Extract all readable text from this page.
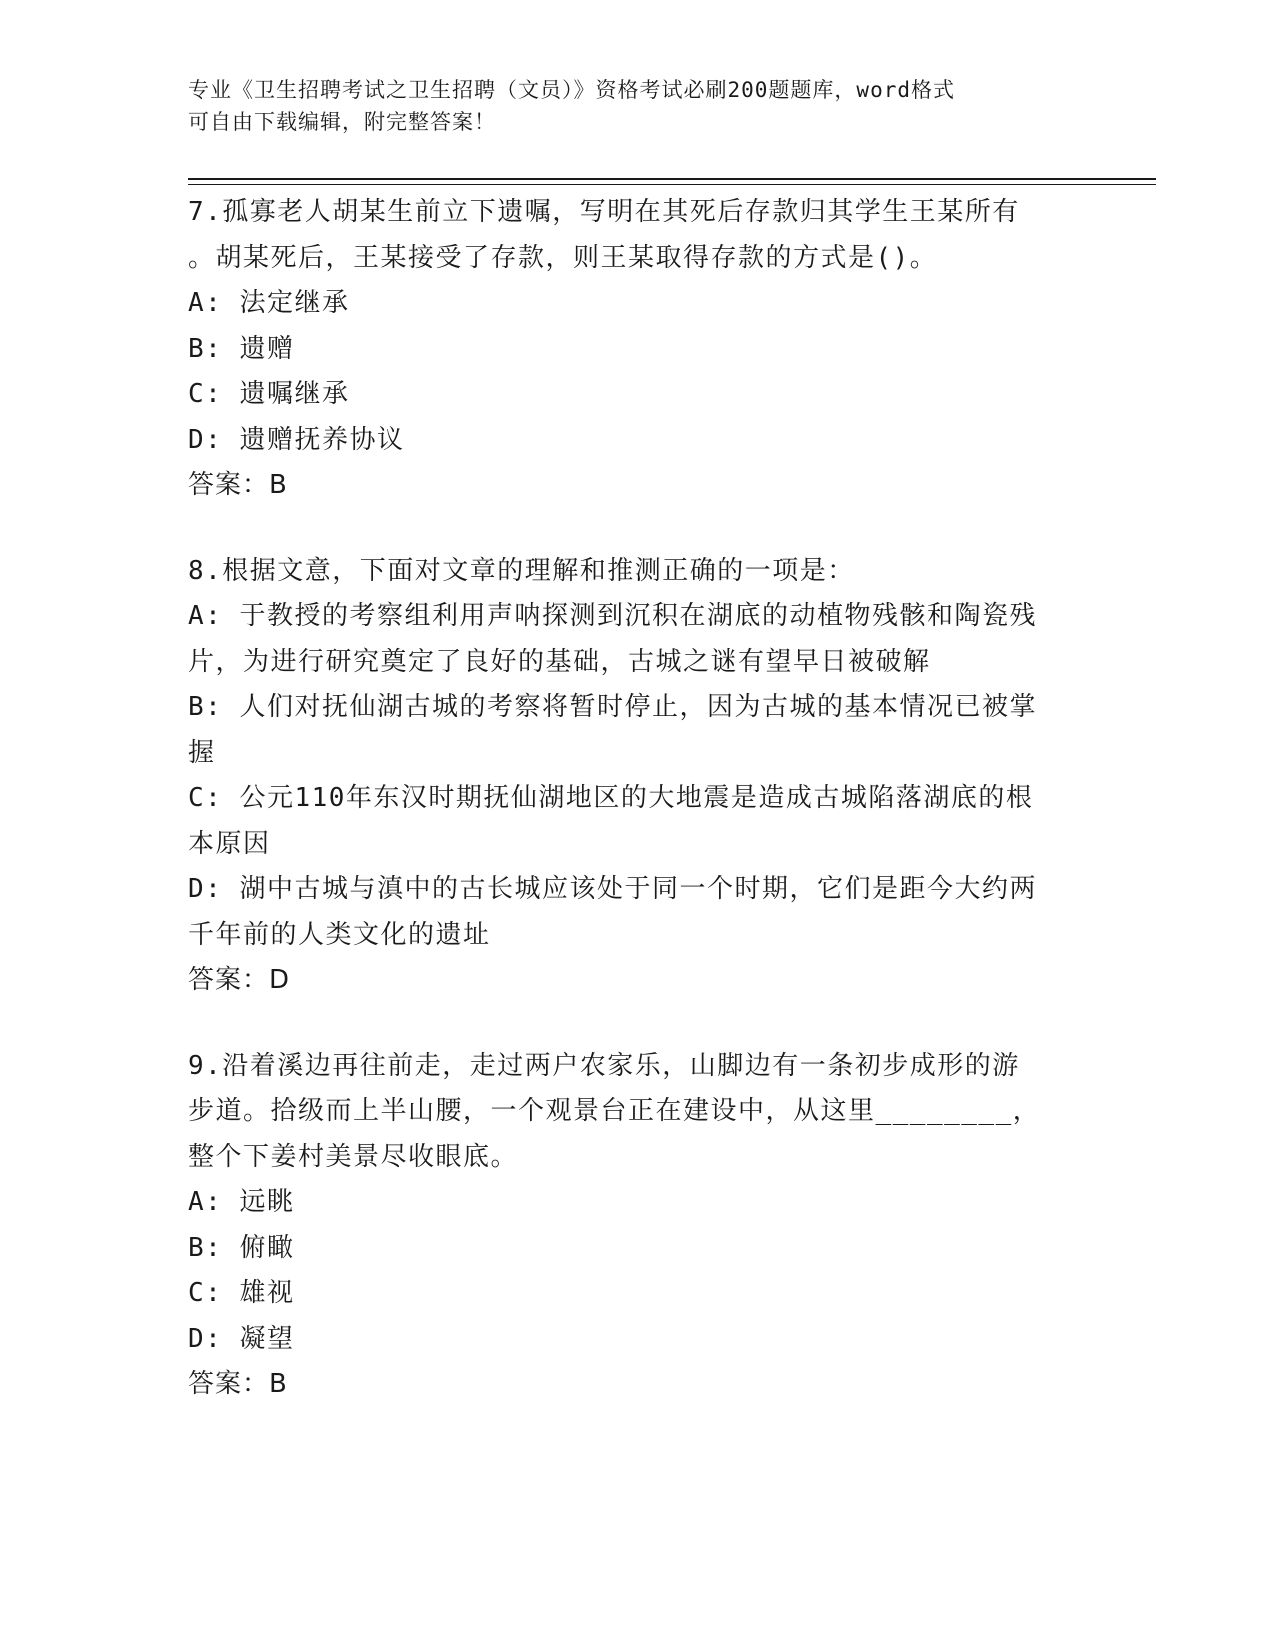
专业《卫生招聘考试之卫生招聘（文员）》资格考试必刷200题题库，word格式
可自由下载编辑，附完整答案！
7.孤寡老人胡某生前立下遗嘱，写明在其死后存款归其学生王某所有
。胡某死后，王某接受了存款，则王某取得存款的方式是()。
A: 法定继承
B: 遗赠
C: 遗嘱继承
D: 遗赠抚养协议
答案：B
8.根据文意，下面对文章的理解和推测正确的一项是：
A: 于教授的考察组利用声呐探测到沉积在湖底的动植物残骸和陶瓷残
片，为进行研究奠定了良好的基础，古城之谜有望早日被破解
B: 人们对抚仙湖古城的考察将暂时停止，因为古城的基本情况已被掌
握
C: 公元110年东汉时期抚仙湖地区的大地震是造成古城陷落湖底的根
本原因
D: 湖中古城与滇中的古长城应该处于同一个时期，它们是距今大约两
千年前的人类文化的遗址
答案：D
9.沿着溪边再往前走，走过两户农家乐，山脚边有一条初步成形的游
步道。拾级而上半山腰，一个观景台正在建设中，从这里________，
整个下姜村美景尽收眼底。
A: 远眺
B: 俯瞰
C: 雄视
D: 凝望
答案：B
